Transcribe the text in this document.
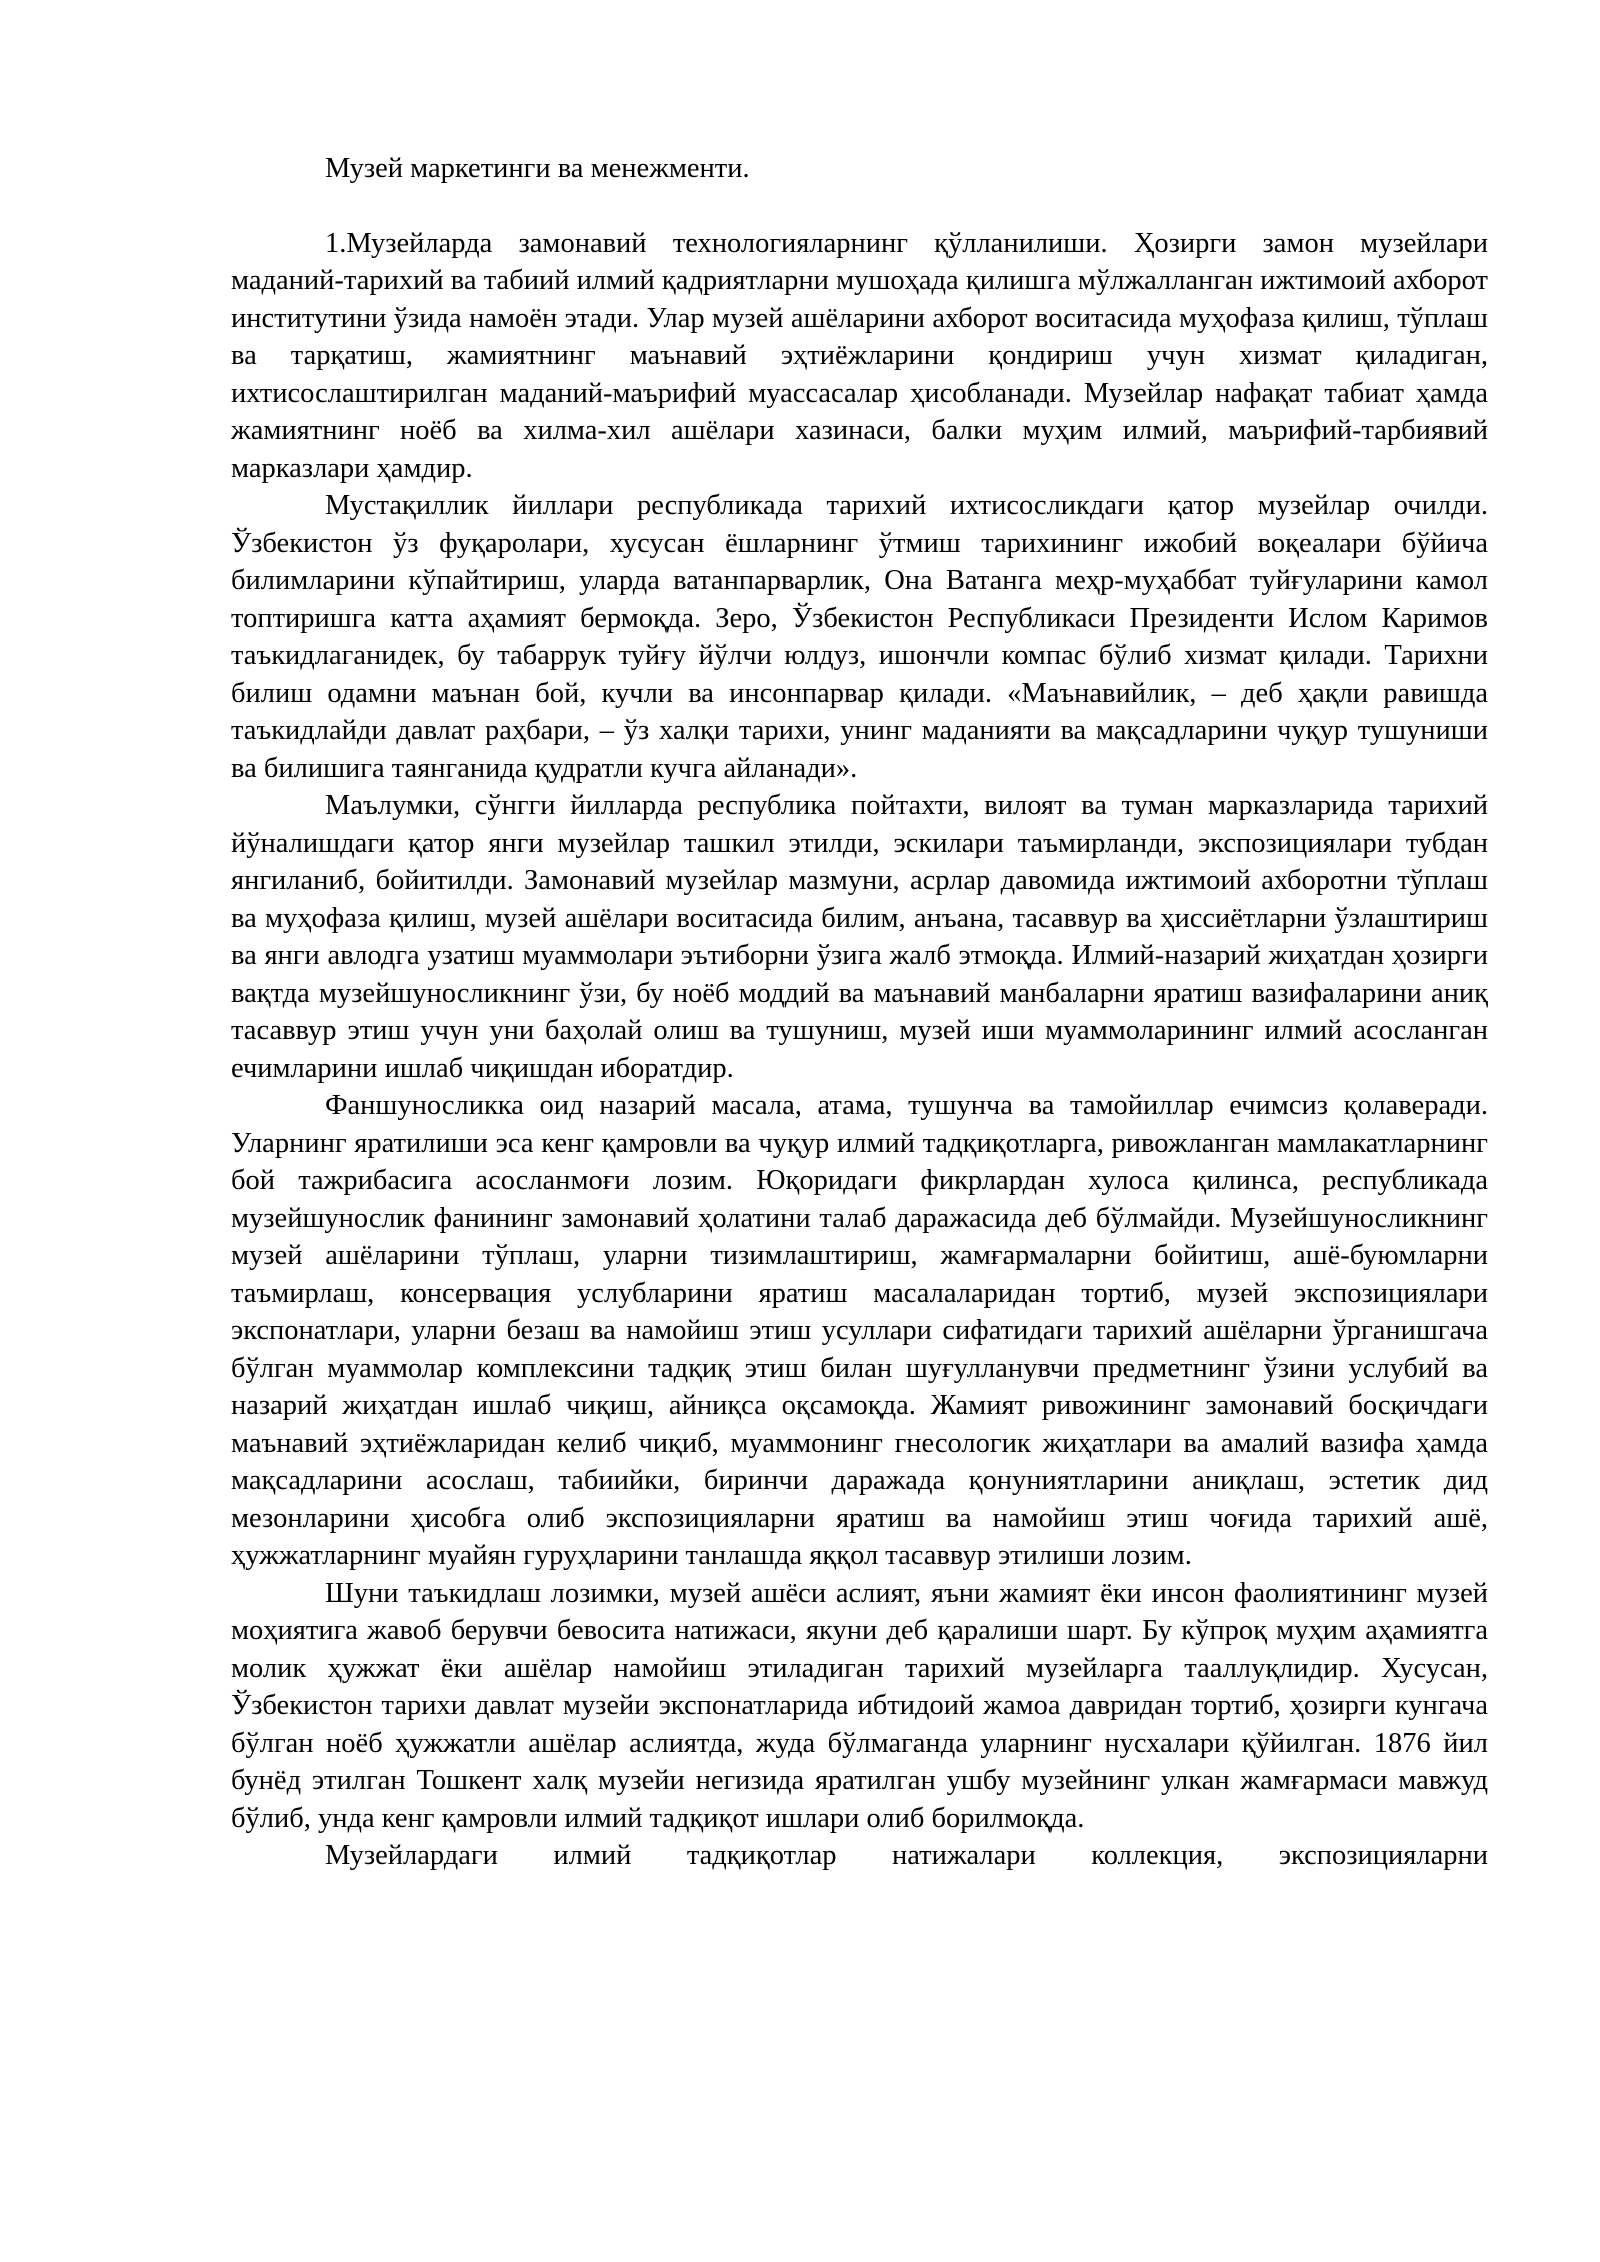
Музей маркетинги ва менежменти.

1.Музейларда замонавий технологияларнинг қўлланилиши. Ҳозирги замон музейлари маданий-тарихий ва табиий илмий қадриятларни мушоҳада қилишга мўлжалланган ижтимоий ахборот институтини ўзида намоён этади. Улар музей ашёларини ахборот воситасида муҳофаза қилиш, тўплаш ва тарқатиш, жамиятнинг маънавий эҳтиёжларини қондириш учун хизмат қиладиган, ихтисослаштирилган маданий-маърифий муассасалар ҳисобланади. Музейлар нафақат табиат ҳамда жамиятнинг ноёб ва хилма-хил ашёлари хазинаси, балки муҳим илмий, маърифий-тарбиявий марказлари ҳамдир.

Мустақиллик йиллари республикада тарихий ихтисосликдаги қатор музейлар очилди. Ўзбекистон ўз фуқаролари, хусусан ёшларнинг ўтмиш тарихининг ижобий воқеалари бўйича билимларини кўпайтириш, уларда ватанпарварлик, Она Ватанга меҳр-муҳаббат туйғуларини камол топтиришга катта аҳамият бермоқда. Зеро, Ўзбекистон Республикаси Президенти Ислом Каримов таъкидлаганидек, бу табаррук туйғу йўлчи юлдуз, ишончли компас бўлиб хизмат қилади. Тарихни билиш одамни маънан бой, кучли ва инсонпарвар қилади. «Маънавийлик, – деб ҳақли равишда таъкидлайди давлат раҳбари, – ўз халқи тарихи, унинг маданияти ва мақсадларини чуқур тушуниши ва билишига таянганида қудратли кучга айланади».

Маълумки, сўнгги йилларда республика пойтахти, вилоят ва туман марказларида тарихий йўналишдаги қатор янги музейлар ташкил этилди, эскилари таъмирланди, экспозициялари тубдан янгиланиб, бойитилди. Замонавий музейлар мазмуни, асрлар давомида ижтимоий ахборотни тўплаш ва муҳофаза қилиш, музей ашёлари воситасида билим, анъана, тасаввур ва ҳиссиётларни ўзлаштириш ва янги авлодга узатиш муаммолари эътиборни ўзига жалб этмоқда. Илмий-назарий жиҳатдан ҳозирги вақтда музейшуносликнинг ўзи, бу ноёб моддий ва маънавий манбаларни яратиш вазифаларини аниқ тасаввур этиш учун уни баҳолай олиш ва тушуниш, музей иши муаммоларининг илмий асосланган ечимларини ишлаб чиқишдан иборатдир.

Фаншуносликка оид назарий масала, атама, тушунча ва тамойиллар ечимсиз қолаверади. Уларнинг яратилиши эса кенг қамровли ва чуқур илмий тадқиқотларга, ривожланган мамлакатларнинг бой тажрибасига асосланмоғи лозим. Юқоридаги фикрлардан хулоса қилинса, республикада музейшунослик фанининг замонавий ҳолатини талаб даражасида деб бўлмайди. Музейшуносликнинг музей ашёларини тўплаш, уларни тизимлаштириш, жамғармаларни бойитиш, ашё-буюмларни таъмирлаш, консервация услубларини яратиш масалаларидан тортиб, музей экспозициялари экспонатлари, уларни безаш ва намойиш этиш усуллари сифатидаги тарихий ашёларни ўрганишгача бўлган муаммолар комплексини тадқиқ этиш билан шуғулланувчи предметнинг ўзини услубий ва назарий жиҳатдан ишлаб чиқиш, айниқса оқсамоқда. Жамият ривожининг замонавий босқичдаги маънавий эҳтиёжларидан келиб чиқиб, муаммонинг гнесологик жиҳатлари ва амалий вазифа ҳамда мақсадларини асослаш, табиийки, биринчи даражада қонуниятларини аниқлаш, эстетик дид мезонларини ҳисобга олиб экспозицияларни яратиш ва намойиш этиш чоғида тарихий ашё, ҳужжатларнинг муайян гуруҳларини танлашда яққол тасаввур этилиши лозим.

Шуни таъкидлаш лозимки, музей ашёси аслият, яъни жамият ёки инсон фаолиятининг музей моҳиятига жавоб берувчи бевосита натижаси, якуни деб қаралиши шарт. Бу кўпроқ муҳим аҳамиятга молик ҳужжат ёки ашёлар намойиш этиладиган тарихий музейларга тааллуқлидир. Хусусан, Ўзбекистон тарихи давлат музейи экспонатларида ибтидоий жамоа давридан тортиб, ҳозирги кунгача бўлган ноёб ҳужжатли ашёлар аслиятда, жуда бўлмаганда уларнинг нусхалари қўйилган. 1876 йил бунёд этилган Тошкент халқ музейи негизида яратилган ушбу музейнинг улкан жамғармаси мавжуд бўлиб, унда кенг қамровли илмий тадқиқот ишлари олиб борилмоқда.

Музейлардаги илмий тадқиқотлар натижалари коллекция, экспозицияларни
